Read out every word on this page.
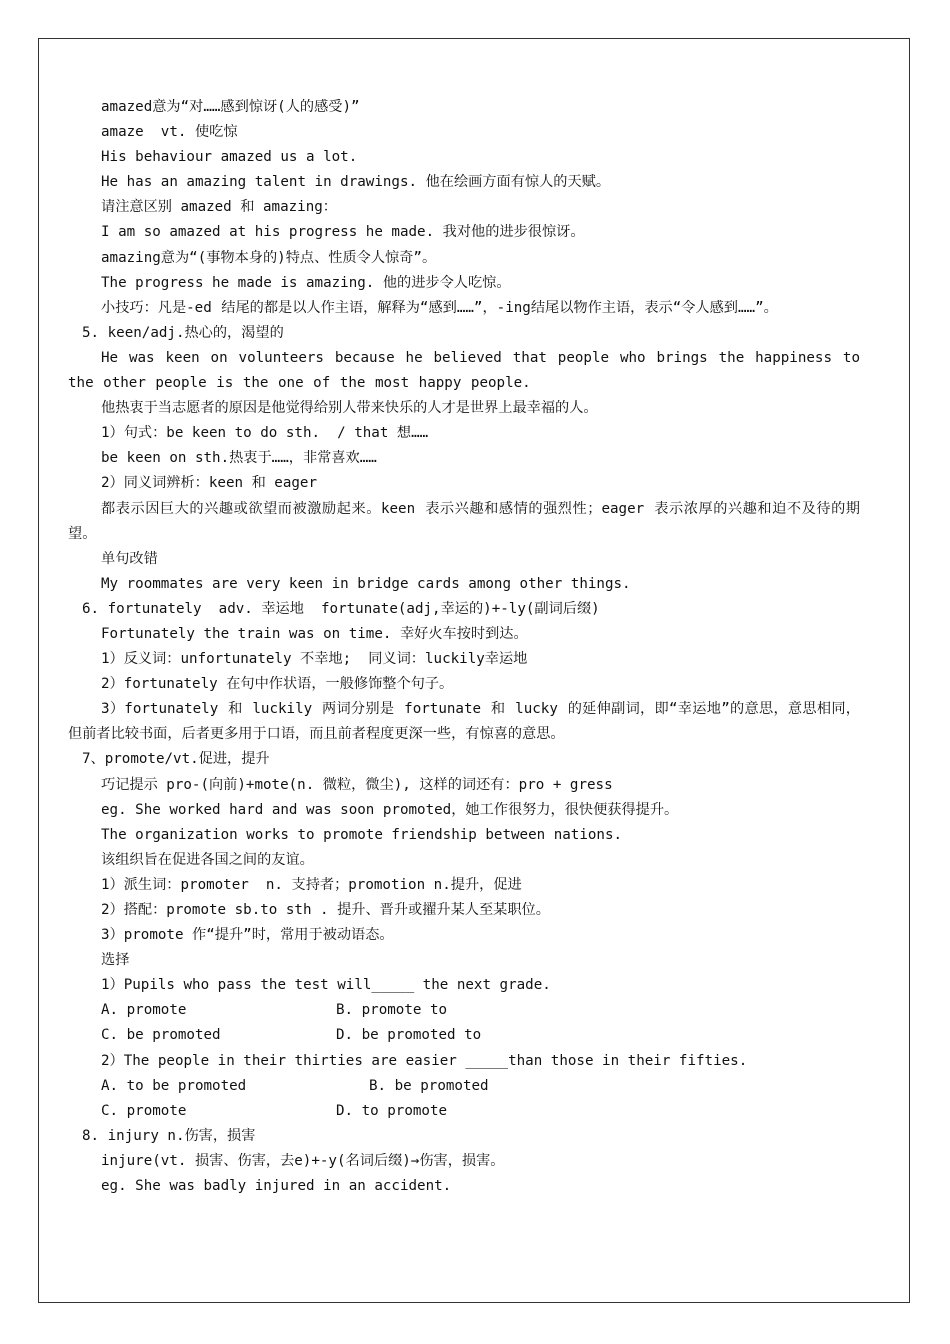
amazed意为“对……感到惊讶(人的感受)”
amaze  vt. 使吃惊
His behaviour amazed us a lot.
He has an amazing talent in drawings. 他在绘画方面有惊人的天赋。
请注意区别 amazed 和 amazing：
I am so amazed at his progress he made. 我对他的进步很惊讶。
amazing意为“(事物本身的)特点、性质令人惊奇”。
The progress he made is amazing. 他的进步令人吃惊。
小技巧：凡是-ed 结尾的都是以人作主语，解释为“感到……”，-ing结尾以物作主语，表示“令人感到……”。
5. keen/adj.热心的，渴望的
He was keen on volunteers because he believed that people who brings the happiness to the other people is the one of the most happy people.
他热衷于当志愿者的原因是他觉得给别人带来快乐的人才是世界上最幸福的人。
1）句式：be keen to do sth.  / that 想……
be keen on sth.热衷于……，非常喜欢……
2）同义词辨析：keen 和 eager
都表示因巨大的兴趣或欲望而被激励起来。keen 表示兴趣和感情的强烈性；eager 表示浓厚的兴趣和迫不及待的期望。
单句改错
My roommates are very keen in bridge cards among other things.
6. fortunately  adv. 幸运地  fortunate(adj,幸运的)+-ly(副词后缀)
Fortunately the train was on time. 幸好火车按时到达。
1）反义词：unfortunately 不幸地;  同义词：luckily幸运地
2）fortunately 在句中作状语，一般修饰整个句子。
3）fortunately 和 luckily 两词分别是 fortunate 和 lucky 的延伸副词，即“幸运地”的意思，意思相同，但前者比较书面，后者更多用于口语，而且前者程度更深一些，有惊喜的意思。
7、promote/vt.促进，提升
巧记提示 pro-(向前)+mote(n. 微粒，微尘), 这样的词还有：pro + gress
eg. She worked hard and was soon promoted，她工作很努力，很快便获得提升。
The organization works to promote friendship between nations.
该组织旨在促进各国之间的友谊。
1）派生词：promoter  n. 支持者；promotion n.提升，促进
2）搭配：promote sb.to sth . 提升、晋升或擢升某人至某职位。
3）promote 作“提升”时，常用于被动语态。
选择
1）Pupils who pass the test will_____ the next grade.
A. promote	B. promote to
C. be promoted	D. be promoted to
2）The people in their thirties are easier _____than those in their fifties.
A. to be promoted	B. be promoted
C. promote	D. to promote
8. injury n.伤害，损害
injure(vt. 损害、伤害，去e)+-y(名词后缀)→伤害，损害。
eg. She was badly injured in an accident.
